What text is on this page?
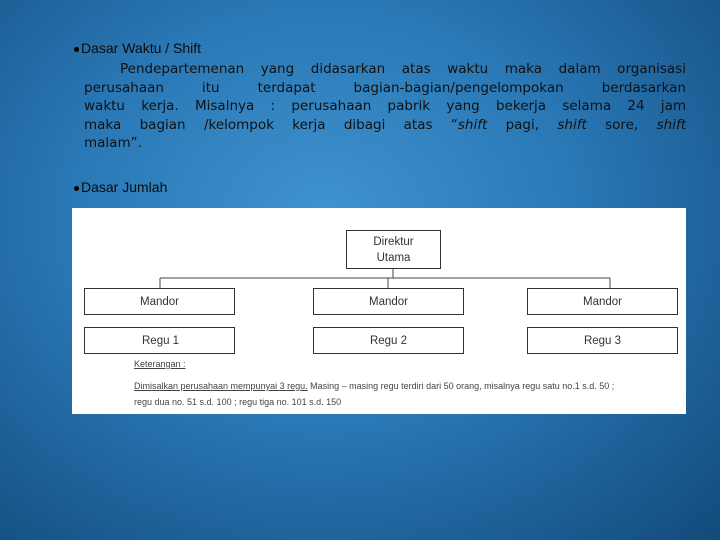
Dasar Waktu / Shift
Pendepartemenan yang didasarkan atas waktu maka dalam organisasi
perusahaan itu terdapat bagian-bagian/pengelompokan berdasarkan
waktu kerja. Misalnya : perusahaan pabrik yang bekerja selama 24 jam
maka bagian /kelompok kerja dibagi atas “shift pagi, shift sore, shift
malam”.
Dasar Jumlah
Direktur
Utama
Mandor	Mandor	Mandor
Regu 1	Regu 2	Regu 3
Keterangan :
Dimisalkan perusahaan mempunyai 3 regu. Masing – masing regu terdiri dari 50 orang, misalnya regu satu no.1 s.d. 50 ;
regu dua no. 51 s.d. 100 ; regu tiga no. 101 s.d. 150
